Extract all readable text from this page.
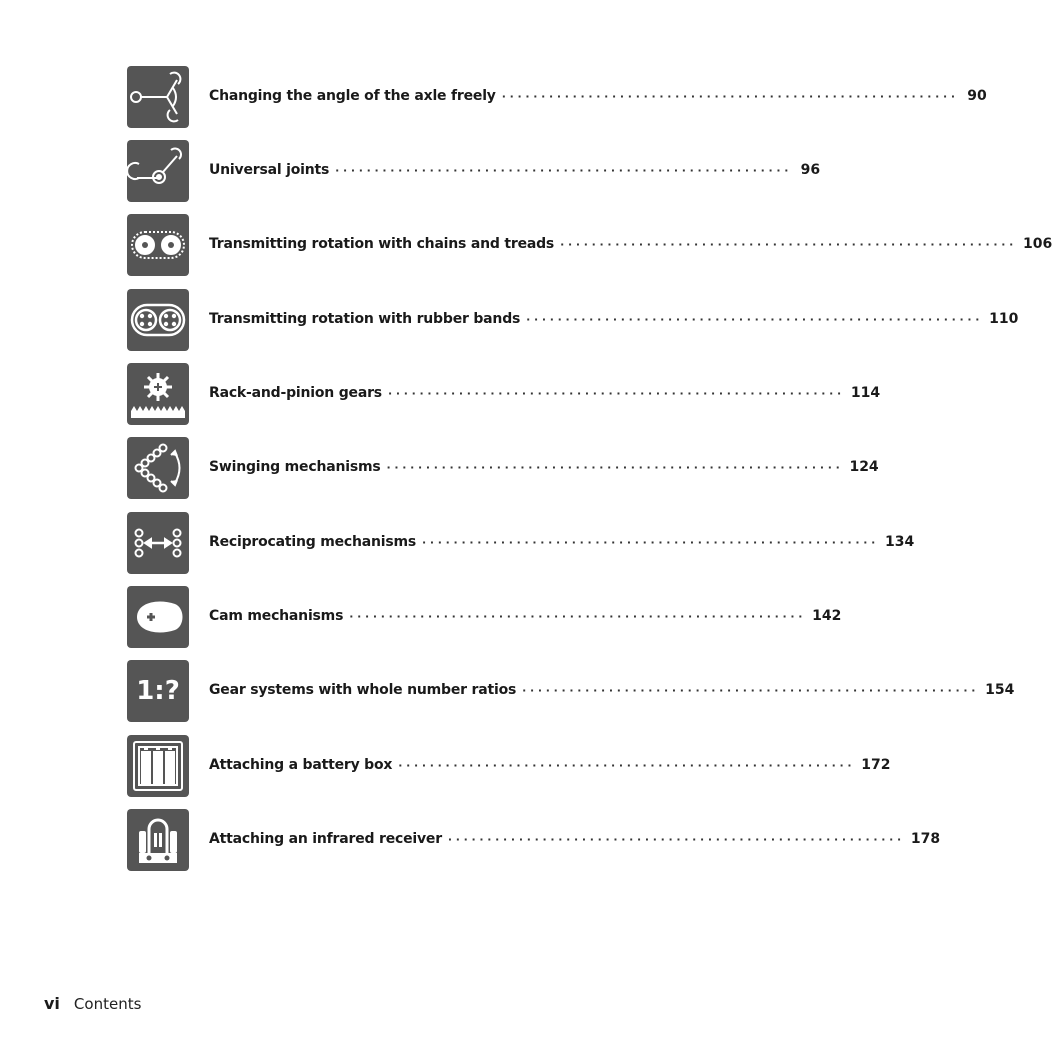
Changing the angle of the axle freely ·························································· 90
Universal joints ·························································· 96
Transmitting rotation with chains and treads ·························································· 106
Transmitting rotation with rubber bands ·························································· 110
Rack-and-pinion gears ·························································· 114
Swinging mechanisms ·························································· 124
Reciprocating mechanisms ·························································· 134
Cam mechanisms ·························································· 142
1:?	Gear systems with whole number ratios ·························································· 154
Attaching a battery box ·························································· 172
Attaching an infrared receiver ·························································· 178
vi Contents
